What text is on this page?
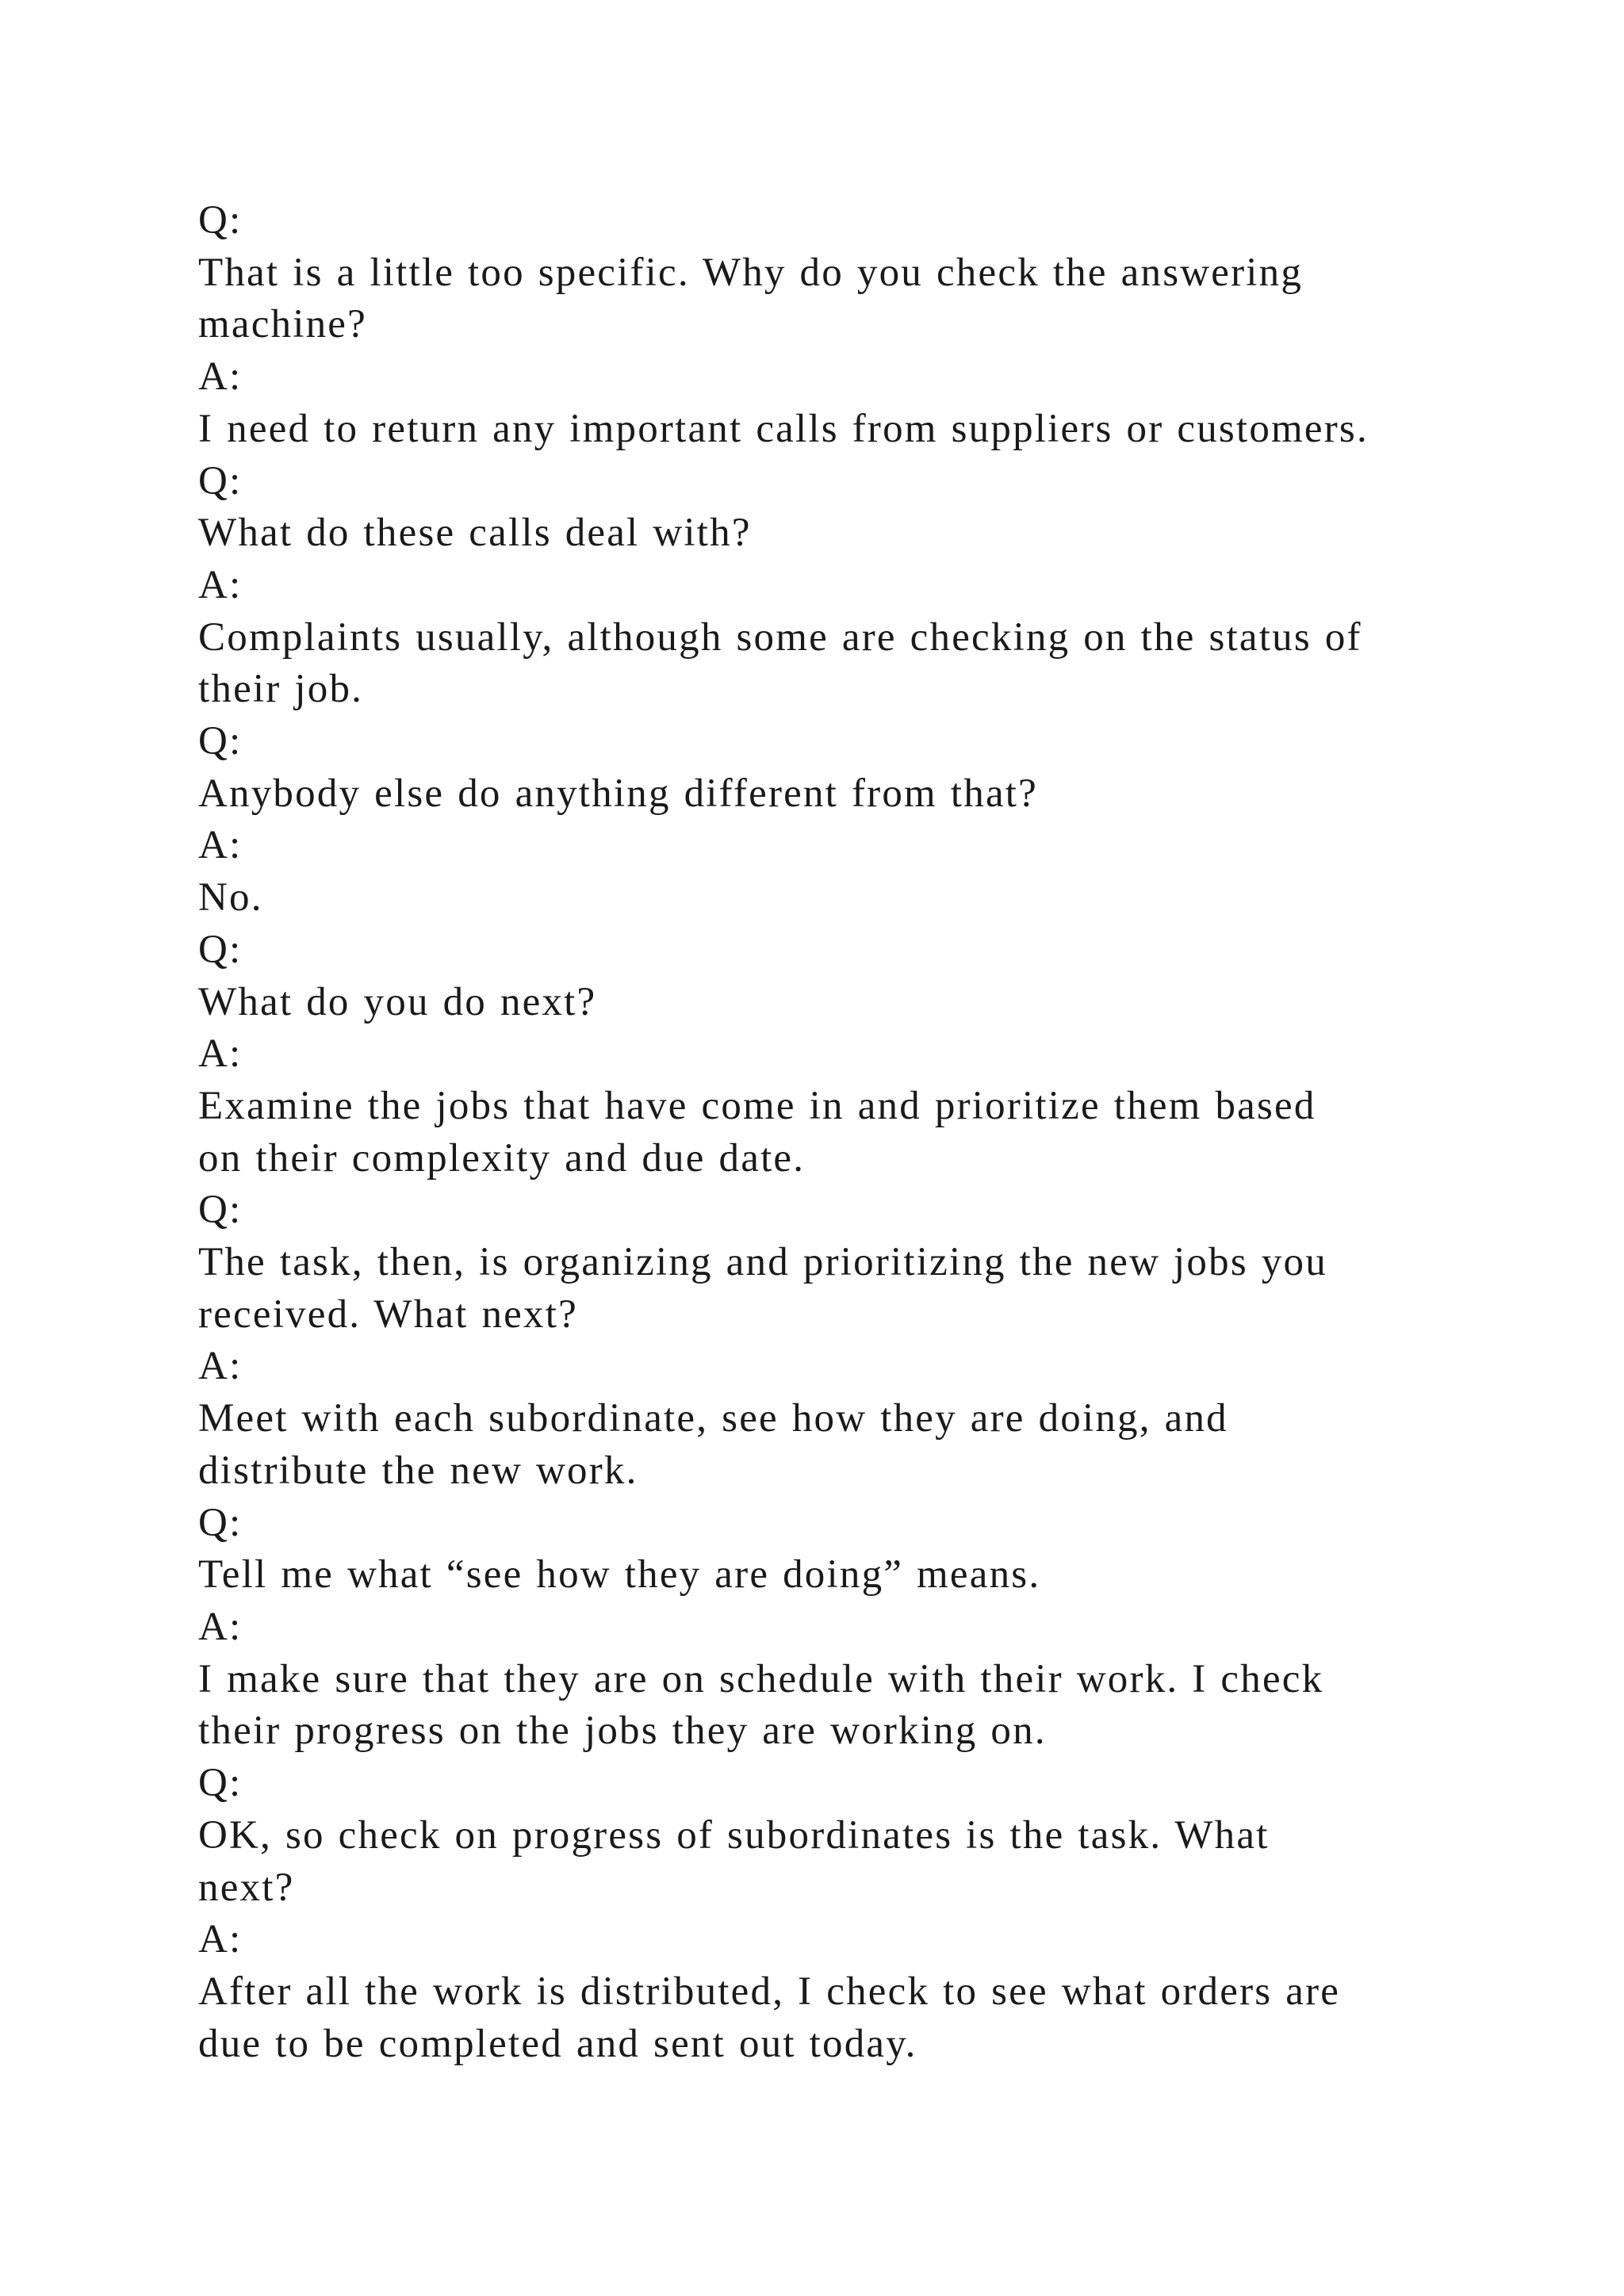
Q:
That is a little too specific. Why do you check the answering
machine?
A:
I need to return any important calls from suppliers or customers.
Q:
What do these calls deal with?
A:
Complaints usually, although some are checking on the status of
their job.
Q:
Anybody else do anything different from that?
A:
No.
Q:
What do you do next?
A:
Examine the jobs that have come in and prioritize them based
on their complexity and due date.
Q:
The task, then, is organizing and prioritizing the new jobs you
received. What next?
A:
Meet with each subordinate, see how they are doing, and
distribute the new work.
Q:
Tell me what “see how they are doing” means.
A:
I make sure that they are on schedule with their work. I check
their progress on the jobs they are working on.
Q:
OK, so check on progress of subordinates is the task. What
next?
A:
After all the work is distributed, I check to see what orders are
due to be completed and sent out today.
